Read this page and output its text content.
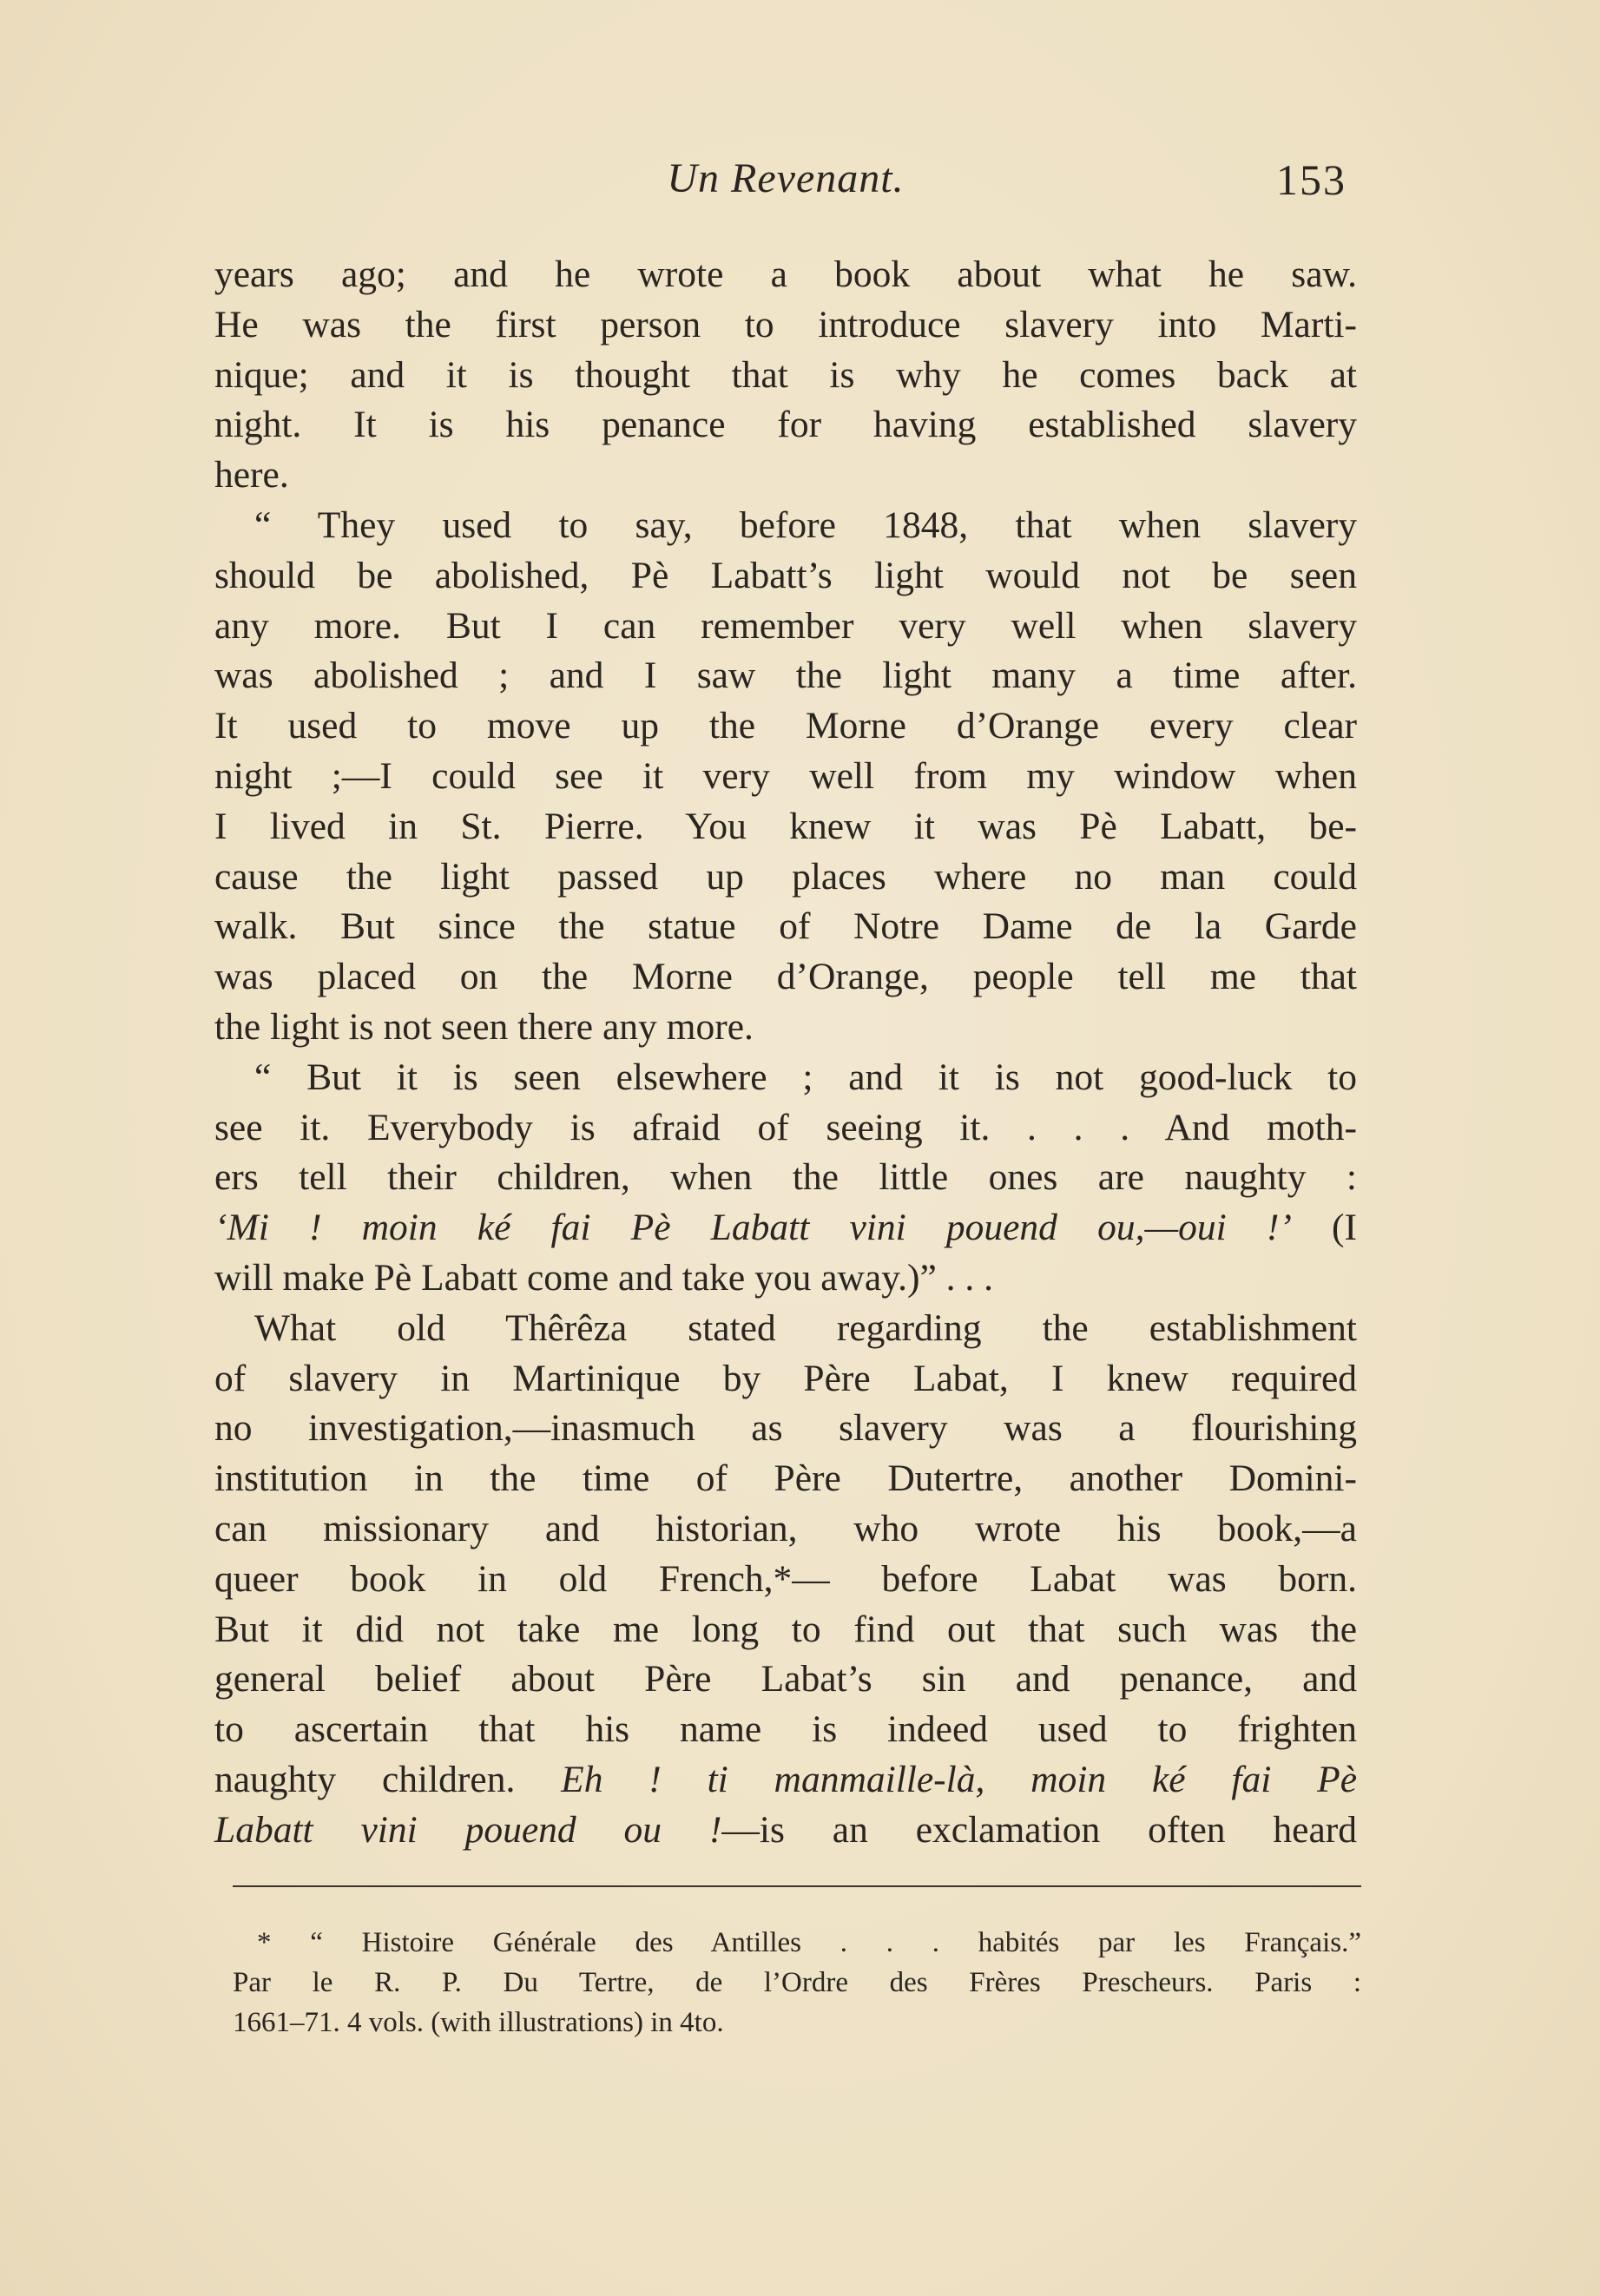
Un Revenant.	153
years ago; and he wrote a book about what he saw.
He was the first person to introduce slavery into Marti-
nique; and it is thought that is why he comes back at
night. It is his penance for having established slavery
here.
“ They used to say, before 1848, that when slavery
should be abolished, Pè Labatt’s light would not be seen
any more. But I can remember very well when slavery
was abolished ; and I saw the light many a time after.
It used to move up the Morne d’Orange every clear
night ;—I could see it very well from my window when
I lived in St. Pierre. You knew it was Pè Labatt, be-
cause the light passed up places where no man could
walk. But since the statue of Notre Dame de la Garde
was placed on the Morne d’Orange, people tell me that
the light is not seen there any more.
“ But it is seen elsewhere ; and it is not good-luck to
see it. Everybody is afraid of seeing it. . . . And moth-
ers tell their children, when the little ones are naughty :
‘Mi ! moin ké fai Pè Labatt vini pouend ou,—oui !’ (I
will make Pè Labatt come and take you away.)” . . .
What old Thêrêza stated regarding the establishment
of slavery in Martinique by Père Labat, I knew required
no investigation,—inasmuch as slavery was a flourishing
institution in the time of Père Dutertre, another Domini-
can missionary and historian, who wrote his book,—a
queer book in old French,*— before Labat was born.
But it did not take me long to find out that such was the
general belief about Père Labat’s sin and penance, and
to ascertain that his name is indeed used to frighten
naughty children. Eh ! ti manmaille-là, moin ké fai Pè
Labatt vini pouend ou !—is an exclamation often heard
* “ Histoire Générale des Antilles . . . habités par les Français.”
Par le R. P. Du Tertre, de l’Ordre des Frères Prescheurs. Paris :
1661–71. 4 vols. (with illustrations) in 4to.
